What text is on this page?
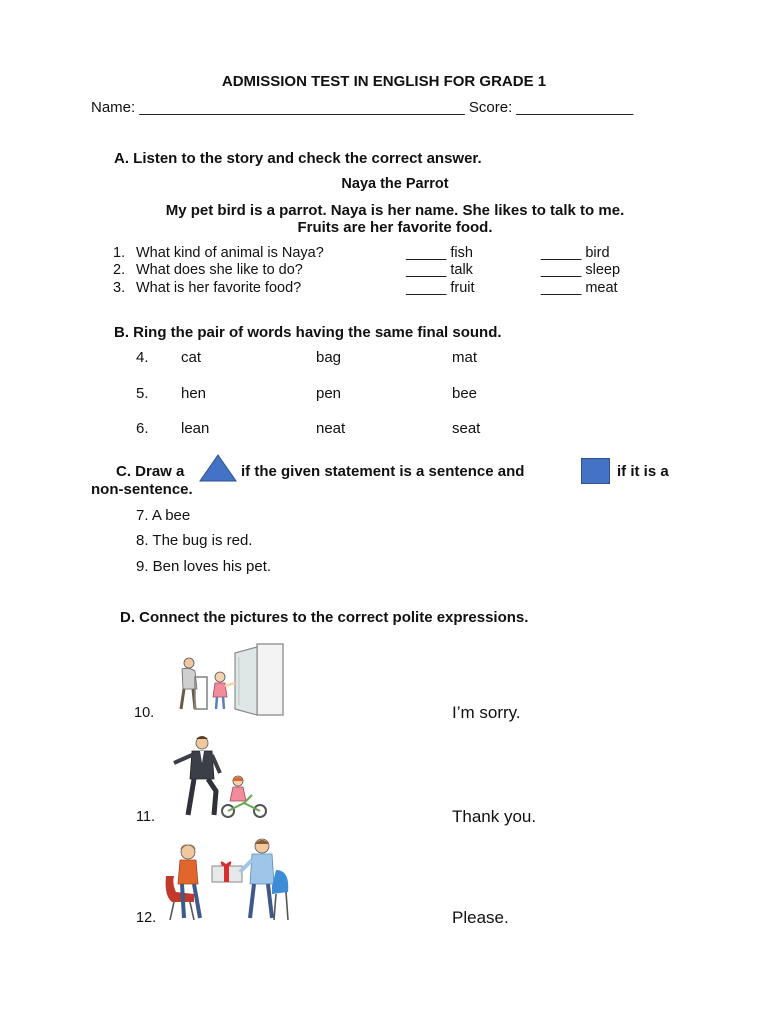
ADMISSION TEST IN ENGLISH FOR GRADE 1
Name: _______________________________________ Score: ______________
A. Listen to the story and check the correct answer.
Naya the Parrot
My pet bird is a parrot. Naya is her name. She likes to talk to me.
Fruits are her favorite food.
1. What kind of animal is Naya?	_____ fish	_____ bird
2. What does she like to do?	_____ talk	_____ sleep
3. What is her favorite food?	_____ fruit	_____ meat
B. Ring the pair of words having the same final sound.
4. cat	bag	mat
5. hen	pen	bee
6. lean	neat	seat
C. Draw a	if the given statement is a sentence and	if it is a
non-sentence.
7. A bee
8. The bug is red.
9. Ben loves his pet.
D. Connect the pictures to the correct polite expressions.
10.	I’m sorry.
11.	Thank you.
12.	Please.
